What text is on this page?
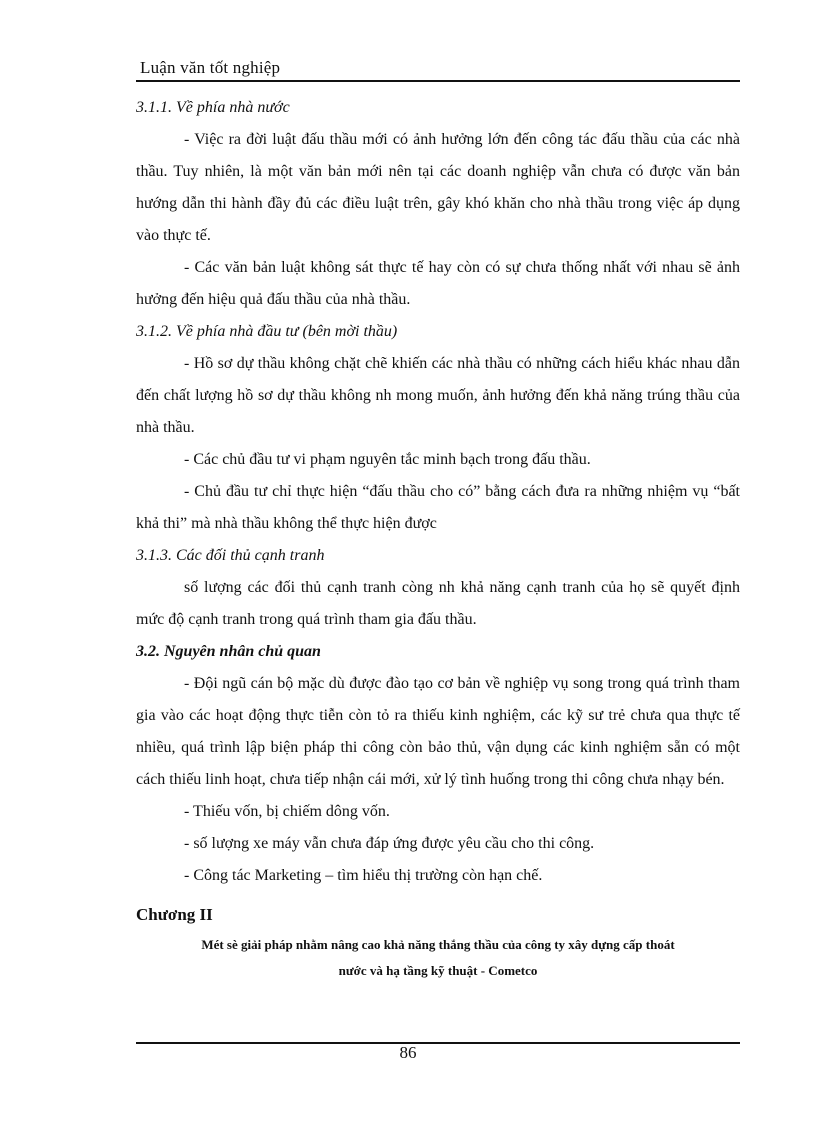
Luận văn tốt nghiệp

3.1.1. Về phía nhà nước

- Việc ra đời luật đấu thầu mới có ảnh hưởng lớn đến công tác đấu thầu của các nhà thầu. Tuy nhiên, là một văn bản mới nên tại các doanh nghiệp vẫn chưa có được văn bản hướng dẫn thi hành đầy đủ các điều luật trên, gây khó khăn cho nhà thầu trong việc áp dụng vào thực tế.

- Các văn bản luật không sát thực tế hay còn có sự chưa thống nhất với nhau sẽ ảnh hưởng đến hiệu quả đấu thầu của nhà thầu.

3.1.2. Về phía nhà đầu tư (bên mời thầu)

- Hồ sơ dự thầu không chặt chẽ khiến các nhà thầu có những cách hiểu khác nhau dẫn đến chất lượng hồ sơ dự thầu không nh mong muốn, ảnh hưởng đến khả năng trúng thầu của nhà thầu.

- Các chủ đầu tư vi phạm nguyên tắc minh bạch trong đấu thầu.

- Chủ đầu tư chỉ thực hiện “đấu thầu cho có” bằng cách đưa ra những nhiệm vụ “bất khả thi” mà nhà thầu không thể thực hiện được

3.1.3. Các đối thủ cạnh tranh

số lượng các đối thủ cạnh tranh còng nh khả năng cạnh tranh của họ sẽ quyết định mức độ cạnh tranh trong quá trình tham gia đấu thầu.

3.2. Nguyên nhân chủ quan

- Đội ngũ cán bộ mặc dù được đào tạo cơ bản về nghiệp vụ song trong quá trình tham gia vào các hoạt động thực tiễn còn tỏ ra thiếu kinh nghiệm, các kỹ sư trẻ chưa qua thực tế nhiều, quá trình lập biện pháp thi công còn bảo thủ, vận dụng các kinh nghiệm sẵn có một cách thiếu linh hoạt, chưa tiếp nhận cái mới, xử lý tình huống trong thi công chưa nhạy bén.

- Thiếu vốn, bị chiếm dông vốn.

- số lượng xe máy vẫn chưa đáp ứng được yêu cầu cho thi công.

- Công tác Marketing – tìm hiểu thị trường còn hạn chế.

Chương II

Mét sè giải pháp nhằm nâng cao khả năng thắng thầu của công ty xây dựng cấp thoát

nước và hạ tầng kỹ thuật - Cometco

86
